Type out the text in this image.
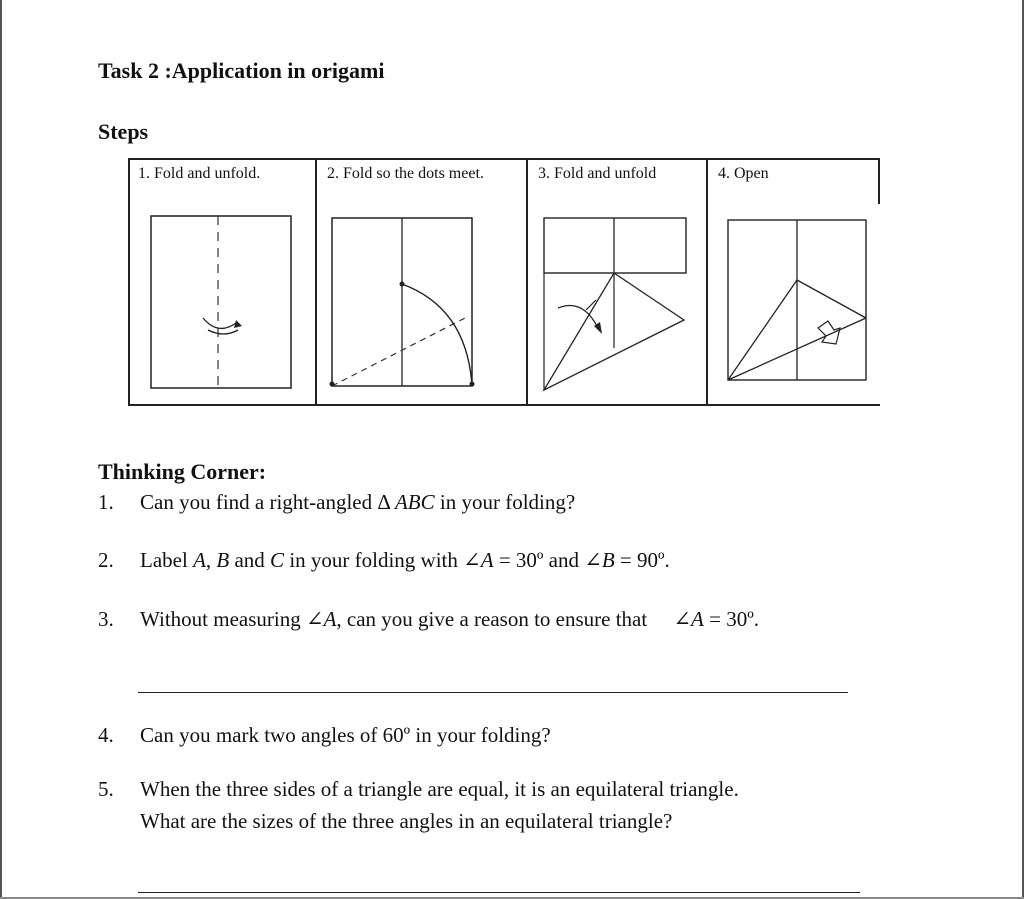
Task 2 :Application in origami
Steps
1. Fold and unfold.	2. Fold so the dots meet.	3. Fold and unfold	4. Open
Thinking Corner:
1. Can you find a right-angled Δ ABC in your folding?
2. Label A, B and C in your folding with ∠A = 30º and ∠B = 90º.
3. Without measuring ∠A, can you give a reason to ensure that     ∠A = 30º.
4. Can you mark two angles of 60º in your folding?
5. When the three sides of a triangle are equal, it is an equilateral triangle.
What are the sizes of the three angles in an equilateral triangle?
